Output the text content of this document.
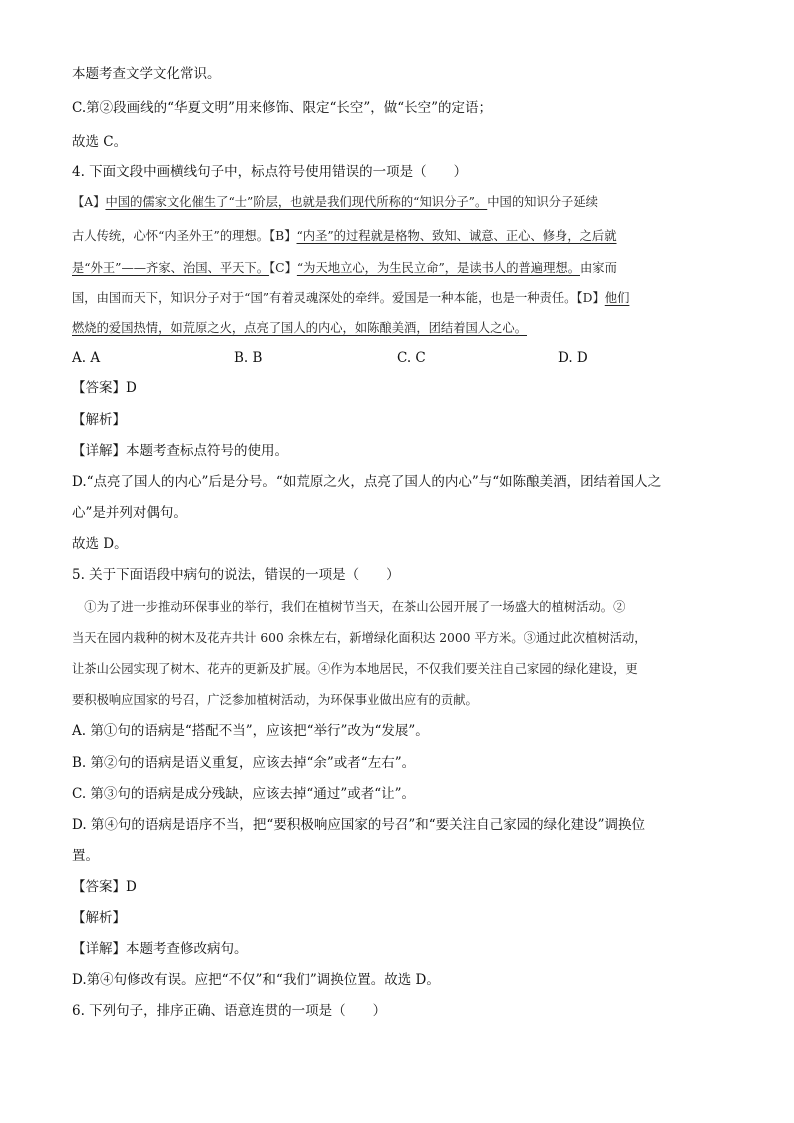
本题考查文学文化常识。
C.第②段画线的“华夏文明”用来修饰、限定“长空”，做“长空”的定语；
故选 C。
4. 下面文段中画横线句子中，标点符号使用错误的一项是（　　）
【A】中国的儒家文化催生了“士”阶层，也就是我们现代所称的“知识分子”。中国的知识分子延续
古人传统，心怀“内圣外王”的理想。【B】“内圣”的过程就是格物、致知、诚意、正心、修身，之后就
是“外王”——齐家、治国、平天下。【C】“为天地立心，为生民立命”，是读书人的普遍理想。由家而
国，由国而天下，知识分子对于“国”有着灵魂深处的牵绊。爱国是一种本能，也是一种责任。【D】他们
燃烧的爱国热情，如荒原之火，点亮了国人的内心，如陈酿美酒，团结着国人之心。
A. A	B. B	C. C	D. D
【答案】D
【解析】
【详解】本题考查标点符号的使用。
D.“点亮了国人的内心”后是分号。“如荒原之火，点亮了国人的内心”与“如陈酿美酒，团结着国人之
心”是并列对偶句。
故选 D。
5. 关于下面语段中病句的说法，错误的一项是（　　）
　①为了进一步推动环保事业的举行，我们在植树节当天，在茶山公园开展了一场盛大的植树活动。②
当天在园内栽种的树木及花卉共计 600 余株左右，新增绿化面积达 2000 平方米。③通过此次植树活动，
让茶山公园实现了树木、花卉的更新及扩展。④作为本地居民，不仅我们要关注自己家园的绿化建设，更
要积极响应国家的号召，广泛参加植树活动，为环保事业做出应有的贡献。
A. 第①句的语病是“搭配不当”，应该把“举行”改为“发展”。
B. 第②句的语病是语义重复，应该去掉“余”或者“左右”。
C. 第③句的语病是成分残缺，应该去掉“通过”或者“让”。
D. 第④句的语病是语序不当，把“要积极响应国家的号召”和“要关注自己家园的绿化建设”调换位
置。
【答案】D
【解析】
【详解】本题考查修改病句。
D.第④句修改有误。应把“不仅”和“我们”调换位置。故选 D。
6. 下列句子，排序正确、语意连贯的一项是（　　）
